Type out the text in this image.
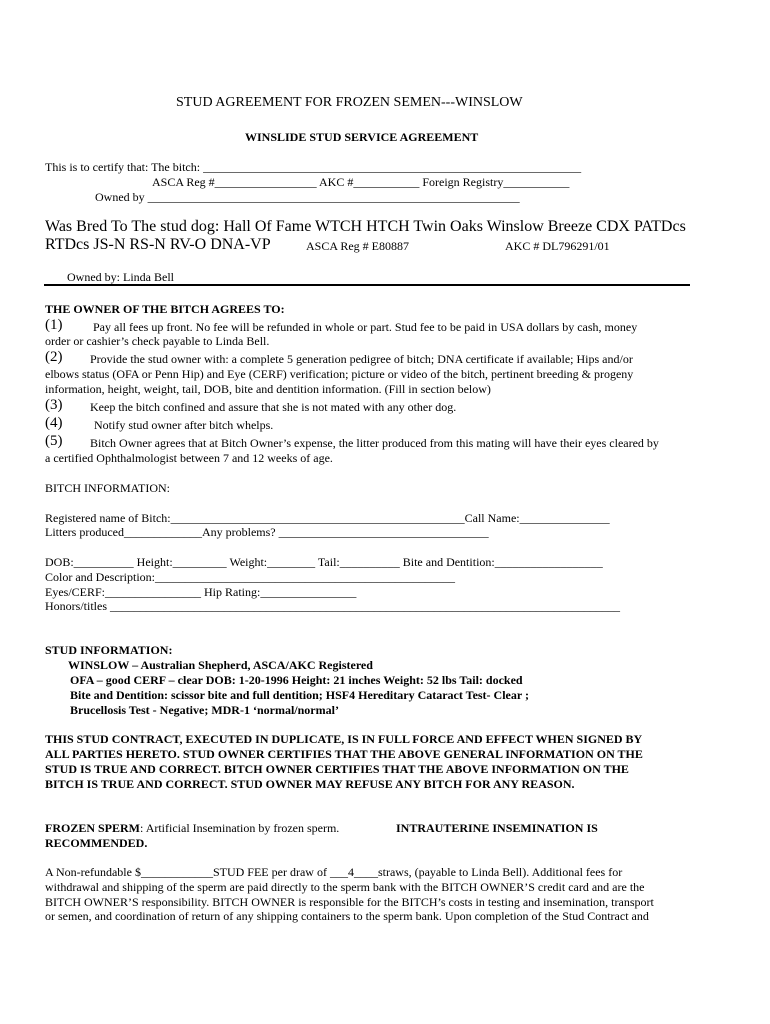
STUD AGREEMENT FOR FROZEN SEMEN---WINSLOW
WINSLIDE STUD SERVICE AGREEMENT
This is to certify that: The bitch: _______________________________________________________________
ASCA Reg #_________________ AKC #___________ Foreign Registry___________
Owned by ______________________________________________________________
Was Bred To The stud dog: Hall Of Fame WTCH HTCH Twin Oaks Winslow Breeze CDX PATDcs
RTDcs JS-N RS-N RV-O DNA-VP	ASCA Reg # E80887	AKC # DL796291/01
Owned by: Linda Bell
THE OWNER OF THE BITCH AGREES TO:
(1)	Pay all fees up front. No fee will be refunded in whole or part. Stud fee to be paid in USA dollars by cash, money
order or cashier’s check payable to Linda Bell.
(2) Provide the stud owner with: a complete 5 generation pedigree of bitch; DNA certificate if available; Hips and/or
elbows status (OFA or Penn Hip) and Eye (CERF) verification; picture or video of the bitch, pertinent breeding & progeny
information, height, weight, tail, DOB, bite and dentition information. (Fill in section below)
(3) Keep the bitch confined and assure that she is not mated with any other dog.
(4)	Notify stud owner after bitch whelps.
(5) Bitch Owner agrees that at Bitch Owner’s expense, the litter produced from this mating will have their eyes cleared by
a certified Ophthalmologist between 7 and 12 weeks of age.
BITCH INFORMATION:
Registered name of Bitch:_________________________________________________Call Name:_______________
Litters produced_____________Any problems? ___________________________________
DOB:__________ Height:_________ Weight:________ Tail:__________ Bite and Dentition:__________________
Color and Description:__________________________________________________
Eyes/CERF:________________ Hip Rating:________________
Honors/titles _____________________________________________________________________________________
STUD INFORMATION:
WINSLOW – Australian Shepherd, ASCA/AKC Registered
OFA – good CERF – clear DOB: 1-20-1996 Height: 21 inches Weight: 52 lbs Tail: docked
Bite and Dentition: scissor bite and full dentition; HSF4 Hereditary Cataract Test- Clear ;
Brucellosis Test - Negative; MDR-1 ‘normal/normal’
THIS STUD CONTRACT, EXECUTED IN DUPLICATE, IS IN FULL FORCE AND EFFECT WHEN SIGNED BY
ALL PARTIES HERETO. STUD OWNER CERTIFIES THAT THE ABOVE GENERAL INFORMATION ON THE
STUD IS TRUE AND CORRECT. BITCH OWNER CERTIFIES THAT THE ABOVE INFORMATION ON THE
BITCH IS TRUE AND CORRECT. STUD OWNER MAY REFUSE ANY BITCH FOR ANY REASON.
FROZEN SPERM: Artificial Insemination by frozen sperm.	INTRAUTERINE INSEMINATION IS
RECOMMENDED.
A Non-refundable $____________STUD FEE per draw of ___4____straws, (payable to Linda Bell). Additional fees for
withdrawal and shipping of the sperm are paid directly to the sperm bank with the BITCH OWNER’S credit card and are the
BITCH OWNER’S responsibility. BITCH OWNER is responsible for the BITCH’s costs in testing and insemination, transport
or semen, and coordination of return of any shipping containers to the sperm bank. Upon completion of the Stud Contract and
